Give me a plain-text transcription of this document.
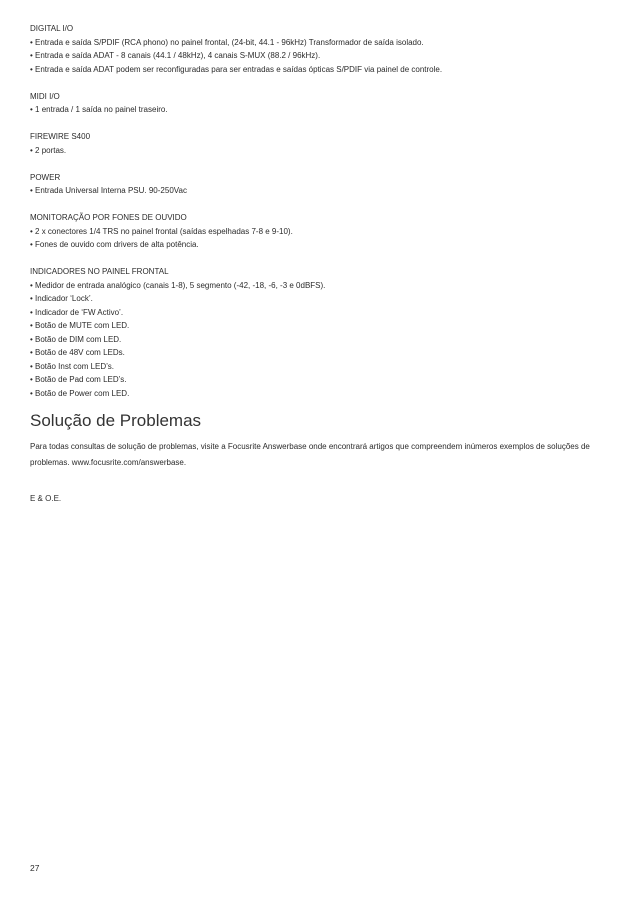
DIGITAL I/O
• Entrada e saída S/PDIF (RCA phono) no painel frontal, (24-bit, 44.1 - 96kHz) Transformador de saída isolado.
• Entrada e saída ADAT - 8 canais (44.1 / 48kHz), 4 canais S-MUX (88.2 / 96kHz).
• Entrada e saída ADAT podem ser reconfiguradas para ser entradas e saídas ópticas S/PDIF via painel de controle.
MIDI I/O
• 1 entrada / 1 saída no painel traseiro.
FIREWIRE S400
• 2 portas.
POWER
• Entrada Universal Interna PSU. 90-250Vac
MONITORAÇÃO POR FONES DE OUVIDO
• 2 x conectores 1/4 TRS no painel frontal (saídas espelhadas 7-8 e 9-10).
• Fones de ouvido com drivers de alta potência.
INDICADORES NO PAINEL FRONTAL
• Medidor de entrada analógico (canais 1-8), 5 segmento (-42, -18, -6, -3 e 0dBFS).
• Indicador ‘Lock’.
• Indicador de ‘FW Activo’.
• Botão de MUTE com LED.
• Botão de DIM com LED.
• Botão de 48V com LEDs.
• Botão Inst com LED’s.
• Botão de Pad com LED’s.
• Botão de Power com LED.
Solução de Problemas
Para todas consultas de solução de problemas, visite a Focusrite Answerbase onde encontrará artigos que compreendem inúmeros exemplos de soluções de problemas. www.focusrite.com/answerbase.
E & O.E.
27
